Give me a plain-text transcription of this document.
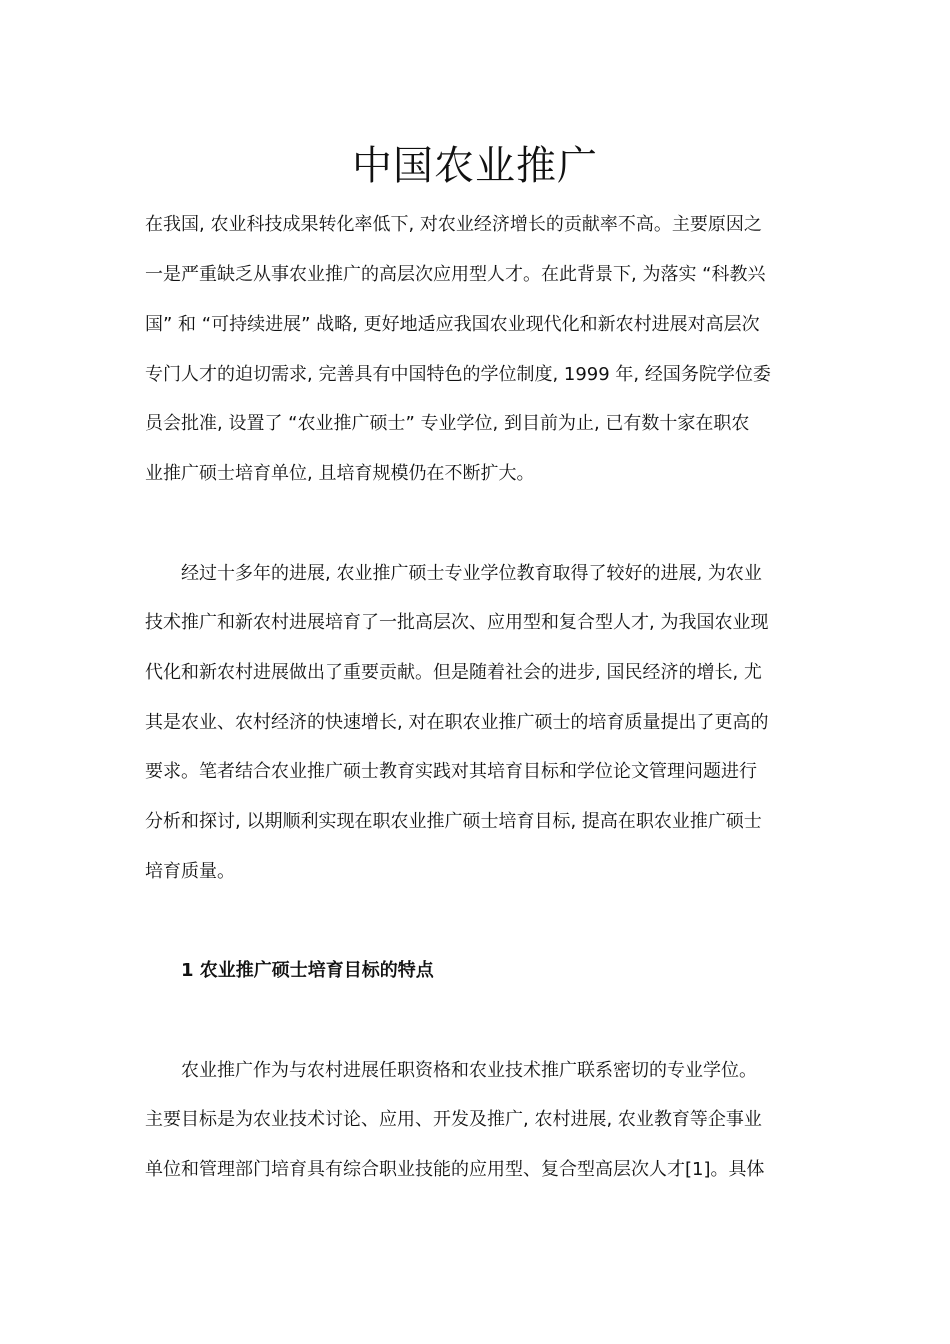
中国农业推广

在我国, 农业科技成果转化率低下, 对农业经济增长的贡献率不高。主要原因之

一是严重缺乏从事农业推广的高层次应用型人才。在此背景下, 为落实 “科教兴

国” 和 “可持续进展” 战略, 更好地适应我国农业现代化和新农村进展对高层次

专门人才的迫切需求, 完善具有中国特色的学位制度, 1999 年, 经国务院学位委

员会批准, 设置了 “农业推广硕士” 专业学位, 到目前为止, 已有数十家在职农

业推广硕士培育单位, 且培育规模仍在不断扩大。

经过十多年的进展, 农业推广硕士专业学位教育取得了较好的进展, 为农业

技术推广和新农村进展培育了一批高层次、应用型和复合型人才, 为我国农业现

代化和新农村进展做出了重要贡献。但是随着社会的进步, 国民经济的增长, 尤

其是农业、农村经济的快速增长, 对在职农业推广硕士的培育质量提出了更高的

要求。笔者结合农业推广硕士教育实践对其培育目标和学位论文管理问题进行

分析和探讨, 以期顺利实现在职农业推广硕士培育目标, 提高在职农业推广硕士

培育质量。

1 农业推广硕士培育目标的特点

农业推广作为与农村进展任职资格和农业技术推广联系密切的专业学位。

主要目标是为农业技术讨论、应用、开发及推广, 农村进展, 农业教育等企事业

单位和管理部门培育具有综合职业技能的应用型、复合型高层次人才[1]。具体
